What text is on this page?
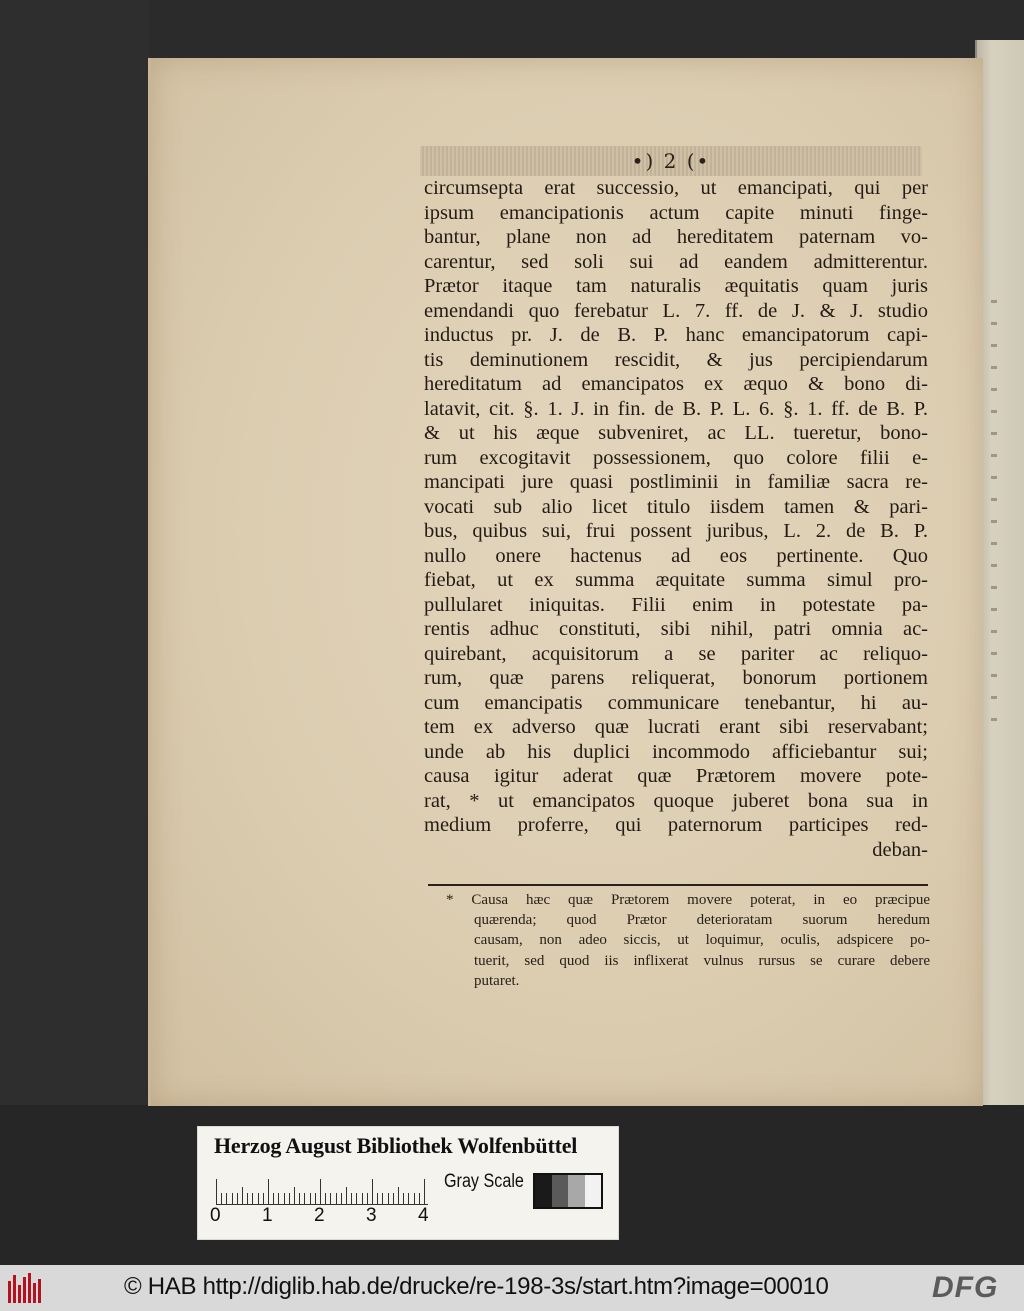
•) 2 (•
circumsepta erat successio, ut emancipati, qui per
ipsum emancipationis actum capite minuti finge-
bantur, plane non ad hereditatem paternam vo-
carentur, sed soli sui ad eandem admitterentur.
Prætor itaque tam naturalis æquitatis quam juris
emendandi quo ferebatur L. 7. ff. de J. & J. studio
inductus pr. J. de B. P. hanc emancipatorum capi-
tis deminutionem rescidit, & jus percipiendarum
hereditatum ad emancipatos ex æquo & bono di-
latavit, cit. §. 1. J. in fin. de B. P. L. 6. §. 1. ff. de B. P.
& ut his æque subveniret, ac LL. tueretur, bono-
rum excogitavit possessionem, quo colore filii e-
mancipati jure quasi postliminii in familiæ sacra re-
vocati sub alio licet titulo iisdem tamen & pari-
bus, quibus sui, frui possent juribus, L. 2. de B. P.
nullo onere hactenus ad eos pertinente. Quo
fiebat, ut ex summa æquitate summa simul pro-
pullularet iniquitas. Filii enim in potestate pa-
rentis adhuc constituti, sibi nihil, patri omnia ac-
quirebant, acquisitorum a se pariter ac reliquo-
rum, quæ parens reliquerat, bonorum portionem
cum emancipatis communicare tenebantur, hi au-
tem ex adverso quæ lucrati erant sibi reservabant;
unde ab his duplici incommodo afficiebantur sui;
causa igitur aderat quæ Prætorem movere pote-
rat, * ut emancipatos quoque juberet bona sua in
medium proferre, qui paternorum participes red-
deban-
* Causa hæc quæ Prætorem movere poterat, in eo præcipue
quærenda; quod Prætor deterioratam suorum heredum
causam, non adeo siccis, ut loquimur, oculis, adspicere po-
tuerit, sed quod iis inflixerat vulnus rursus se curare debere
putaret.
Herzog August Bibliothek Wolfenbüttel
0 1 2 3 4
Gray Scale
© HAB http://diglib.hab.de/drucke/re-198-3s/start.htm?image=00010	DFG
